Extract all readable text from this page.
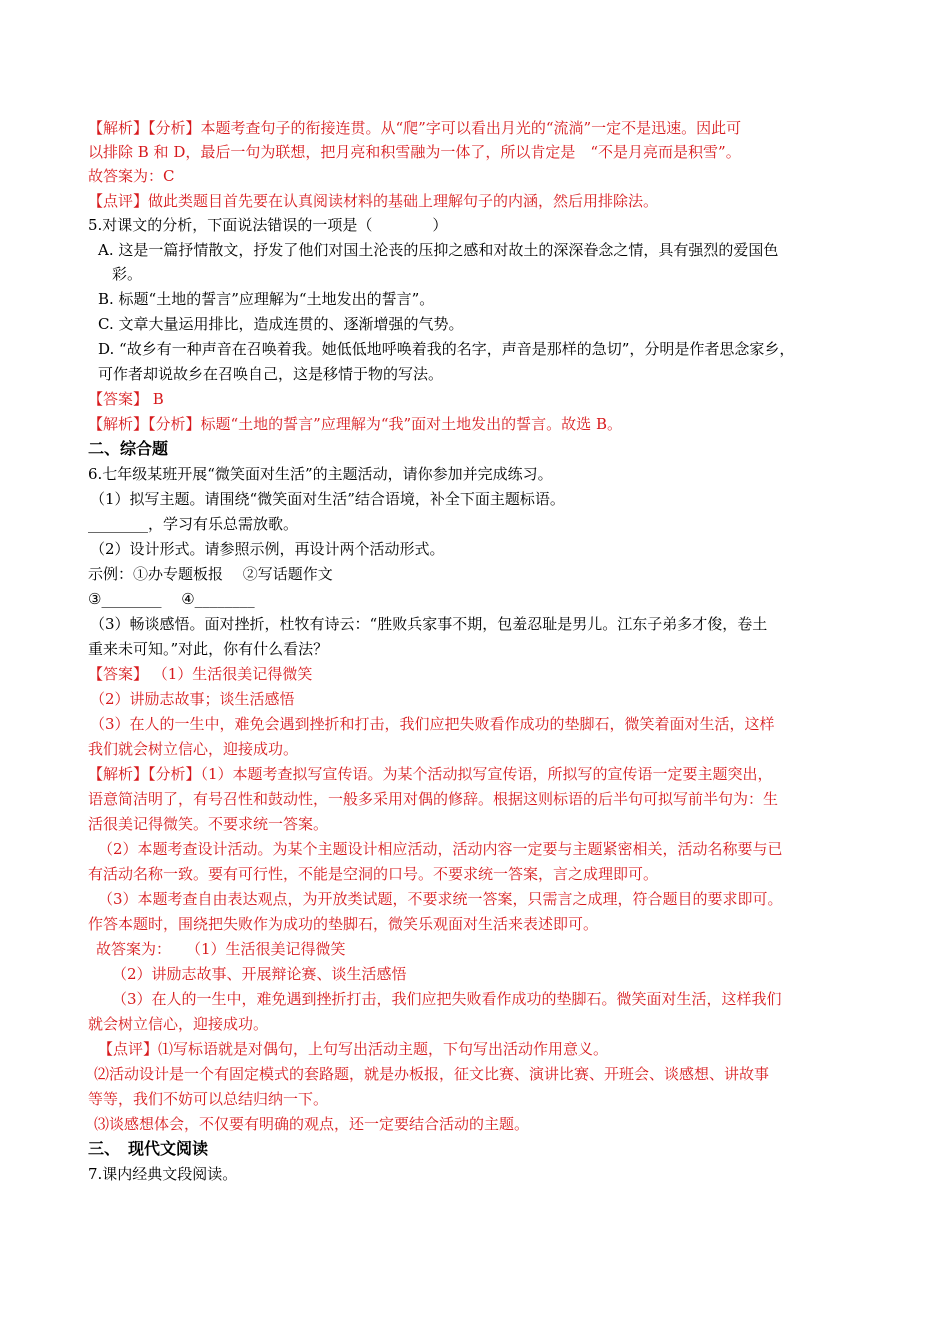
【解析】【分析】本题考查句子的衔接连贯。从“爬”字可以看出月光的“流淌”一定不是迅速。因此可
以排除 B 和 D，最后一句为联想，把月亮和积雪融为一体了，所以肯定是　“不是月亮而是积雪”。
故答案为：C
【点评】做此类题目首先要在认真阅读材料的基础上理解句子的内涵，然后用排除法。
5.对课文的分析，下面说法错误的一项是（　　　　）
A. 这是一篇抒情散文，抒发了他们对国土沦丧的压抑之感和对故土的深深眷念之情，具有强烈的爱国色
彩。
B. 标题“土地的誓言”应理解为“土地发出的誓言”。
C. 文章大量运用排比，造成连贯的、逐渐增强的气势。
D. “故乡有一种声音在召唤着我。她低低地呼唤着我的名字，声音是那样的急切”，分明是作者思念家乡，
可作者却说故乡在召唤自己，这是移情于物的写法。
【答案】 B
【解析】【分析】标题“土地的誓言”应理解为“我”面对土地发出的誓言。故选 B。
二、综合题
6.七年级某班开展“微笑面对生活”的主题活动，请你参加并完成练习。
（1）拟写主题。请围绕“微笑面对生活”结合语境，补全下面主题标语。
________，学习有乐总需放歌。
（2）设计形式。请参照示例，再设计两个活动形式。
示例：①办专题板报　 ②写话题作文
③________　 ④________
（3）畅谈感悟。面对挫折，杜牧有诗云：“胜败兵家事不期，包羞忍耻是男儿。江东子弟多才俊，卷土
重来未可知。”对此，你有什么看法？
【答案】 （1）生活很美记得微笑
（2）讲励志故事；谈生活感悟
（3）在人的一生中，难免会遇到挫折和打击，我们应把失败看作成功的垫脚石，微笑着面对生活，这样
我们就会树立信心，迎接成功。
【解析】【分析】（1）本题考查拟写宣传语。为某个活动拟写宣传语，所拟写的宣传语一定要主题突出，
语意简洁明了，有号召性和鼓动性，一般多采用对偶的修辞。根据这则标语的后半句可拟写前半句为：生
活很美记得微笑。不要求统一答案。
（2）本题考查设计活动。为某个主题设计相应活动，活动内容一定要与主题紧密相关，活动名称要与已
有活动名称一致。要有可行性，不能是空洞的口号。不要求统一答案，言之成理即可。
（3）本题考查自由表达观点，为开放类试题，不要求统一答案，只需言之成理，符合题目的要求即可。
作答本题时，围绕把失败作为成功的垫脚石，微笑乐观面对生活来表述即可。
故答案为：　　（1）生活很美记得微笑
（2）讲励志故事、开展辩论赛、谈生活感悟
（3）在人的一生中，难免遇到挫折打击，我们应把失败看作成功的垫脚石。微笑面对生活，这样我们
就会树立信心，迎接成功。
【点评】⑴写标语就是对偶句，上句写出活动主题，下句写出活动作用意义。
⑵活动设计是一个有固定模式的套路题，就是办板报，征文比赛、演讲比赛、开班会、谈感想、讲故事
等等，我们不妨可以总结归纳一下。
⑶谈感想体会，不仅要有明确的观点，还一定要结合活动的主题。
三、　现代文阅读
7.课内经典文段阅读。
